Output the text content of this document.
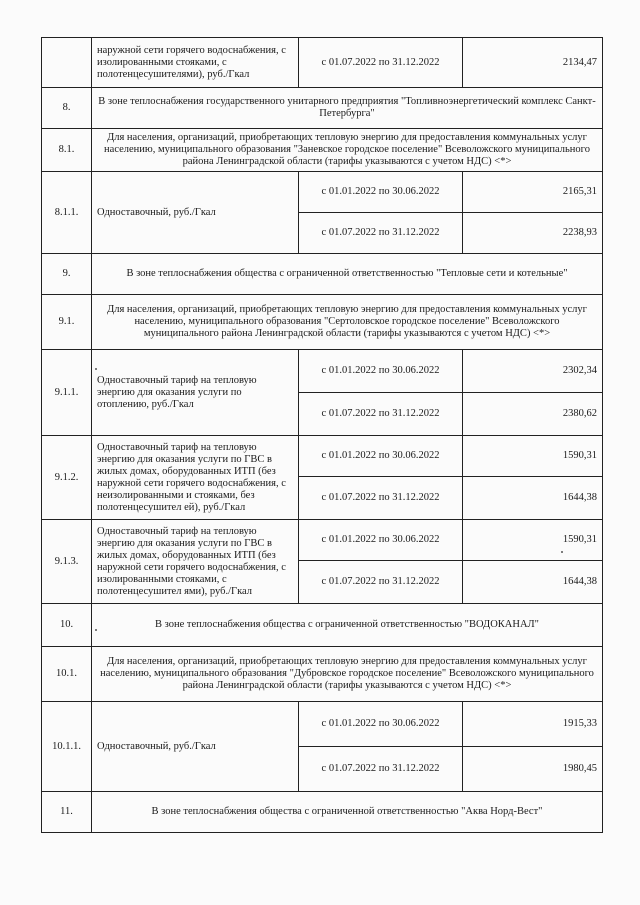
	наружной сети горячего водоснабжения, с изолированными стояками, с полотенцесушителями), руб./Гкал	с 01.07.2022 по 31.12.2022	2134,47
8.	В зоне теплоснабжения государственного унитарного предприятия "Топливноэнергетический комплекс Санкт-Петербурга"		
8.1.	Для населения, организаций, приобретающих тепловую энергию для предоставления коммунальных услуг населению, муниципального образования "Заневское городское поселение" Всеволожского муниципального района Ленинградской области (тарифы указываются с учетом НДС) <*>		
8.1.1.	Одноставочный, руб./Гкал	с 01.01.2022 по 30.06.2022	2165,31
		с 01.07.2022 по 31.12.2022	2238,93
9.	В зоне теплоснабжения общества с ограниченной ответственностью "Тепловые сети и котельные"		
9.1.	Для населения, организаций, приобретающих тепловую энергию для предоставления коммунальных услуг населению, муниципального образования "Сертоловское городское поселение" Всеволожского муниципального района Ленинградской области (тарифы указываются с учетом НДС) <*>		
9.1.1.	Одноставочный тариф на тепловую энергию для оказания услуги по отоплению, руб./Гкал	с 01.01.2022 по 30.06.2022	2302,34
		с 01.07.2022 по 31.12.2022	2380,62
9.1.2.	Одноставочный тариф на тепловую энергию для оказания услуги по ГВС в жилых домах, оборудованных ИТП (без наружной сети горячего водоснабжения, с неизолированными и стояками, без полотенцесушител ей), руб./Гкал	с 01.01.2022 по 30.06.2022	1590,31
		с 01.07.2022 по 31.12.2022	1644,38
9.1.3.	Одноставочный тариф на тепловую энергию для оказания услуги по ГВС в жилых домах, оборудованных ИТП (без наружной сети горячего водоснабжения, с изолированными стояками, с полотенцесушител ями), руб./Гкал	с 01.01.2022 по 30.06.2022	1590,31
		с 01.07.2022 по 31.12.2022	1644,38
10.	В зоне теплоснабжения общества с ограниченной ответственностью "ВОДОКАНАЛ"		
10.1.	Для населения, организаций, приобретающих тепловую энергию для предоставления коммунальных услуг населению, муниципального образования "Дубровское городское поселение" Всеволожского муниципального района Ленинградской области (тарифы указываются с учетом НДС) <*>		
10.1.1.	Одноставочный, руб./Гкал	с 01.01.2022 по 30.06.2022	1915,33
		с 01.07.2022 по 31.12.2022	1980,45
11.	В зоне теплоснабжения общества с ограниченной ответственностью "Аква Норд-Вест"		
